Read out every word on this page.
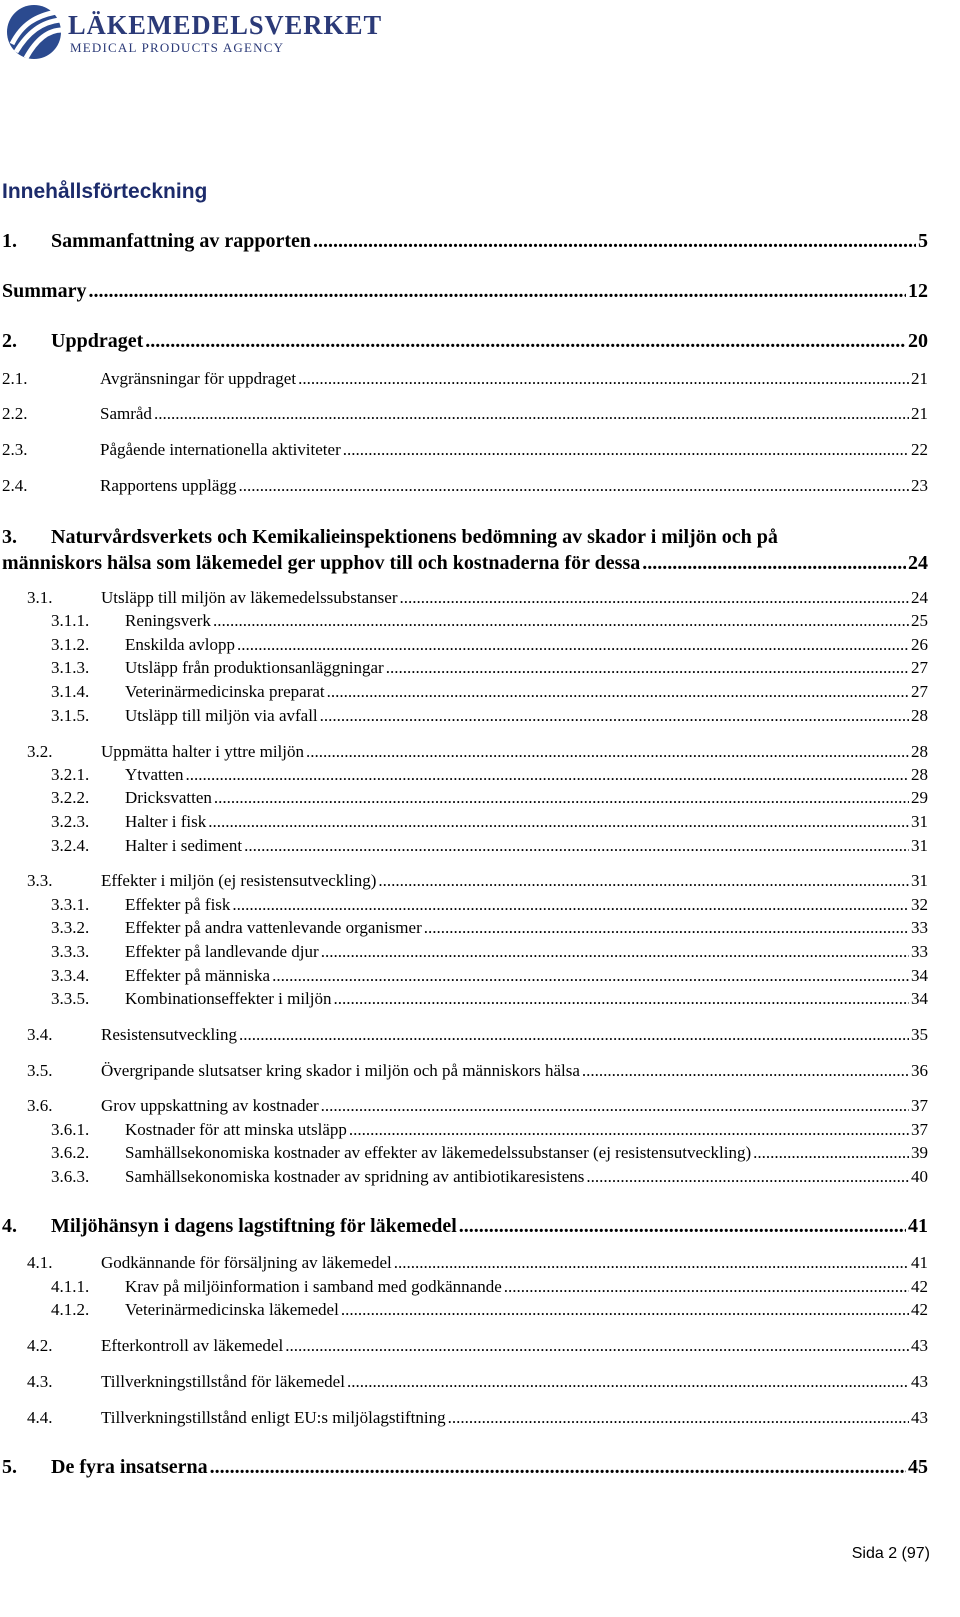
LÄKEMEDELSVERKET
MEDICAL PRODUCTS AGENCY
Innehållsförteckning
1.	Sammanfattning av rapporten .....	5
Summary .....	12
2.	Uppdraget .....	20
2.1.	Avgränsningar för uppdraget .....	21
2.2.	Samråd .....	21
2.3.	Pågående internationella aktiviteter .....	22
2.4.	Rapportens upplägg .....	23
3. Naturvårdsverkets och Kemikalieinspektionens bedömning av skador i miljön och på
människors hälsa som läkemedel ger upphov till och kostnaderna för dessa .....	24
3.1.	Utsläpp till miljön av läkemedelssubstanser .....	24
3.1.1.	Reningsverk .....	25
3.1.2.	Enskilda avlopp .....	26
3.1.3.	Utsläpp från produktionsanläggningar .....	27
3.1.4.	Veterinärmedicinska preparat .....	27
3.1.5.	Utsläpp till miljön via avfall .....	28
3.2.	Uppmätta halter i yttre miljön .....	28
3.2.1.	Ytvatten .....	28
3.2.2.	Dricksvatten .....	29
3.2.3.	Halter i fisk .....	31
3.2.4.	Halter i sediment .....	31
3.3.	Effekter i miljön (ej resistensutveckling) .....	31
3.3.1.	Effekter på fisk .....	32
3.3.2.	Effekter på andra vattenlevande organismer .....	33
3.3.3.	Effekter på landlevande djur .....	33
3.3.4.	Effekter på människa .....	34
3.3.5.	Kombinationseffekter i miljön .....	34
3.4.	Resistensutveckling .....	35
3.5.	Övergripande slutsatser kring skador i miljön och på människors hälsa .....	36
3.6.	Grov uppskattning av kostnader .....	37
3.6.1.	Kostnader för att minska utsläpp .....	37
3.6.2.	Samhällsekonomiska kostnader av effekter av läkemedelssubstanser (ej resistensutveckling) .....	39
3.6.3.	Samhällsekonomiska kostnader av spridning av antibiotikaresistens .....	40
4.	Miljöhänsyn i dagens lagstiftning för läkemedel .....	41
4.1.	Godkännande för försäljning av läkemedel .....	41
4.1.1.	Krav på miljöinformation i samband med godkännande .....	42
4.1.2.	Veterinärmedicinska läkemedel .....	42
4.2.	Efterkontroll av läkemedel .....	43
4.3.	Tillverkningstillstånd för läkemedel .....	43
4.4.	Tillverkningstillstånd enligt EU:s miljölagstiftning .....	43
5.	De fyra insatserna .....	45
Sida 2 (97)
